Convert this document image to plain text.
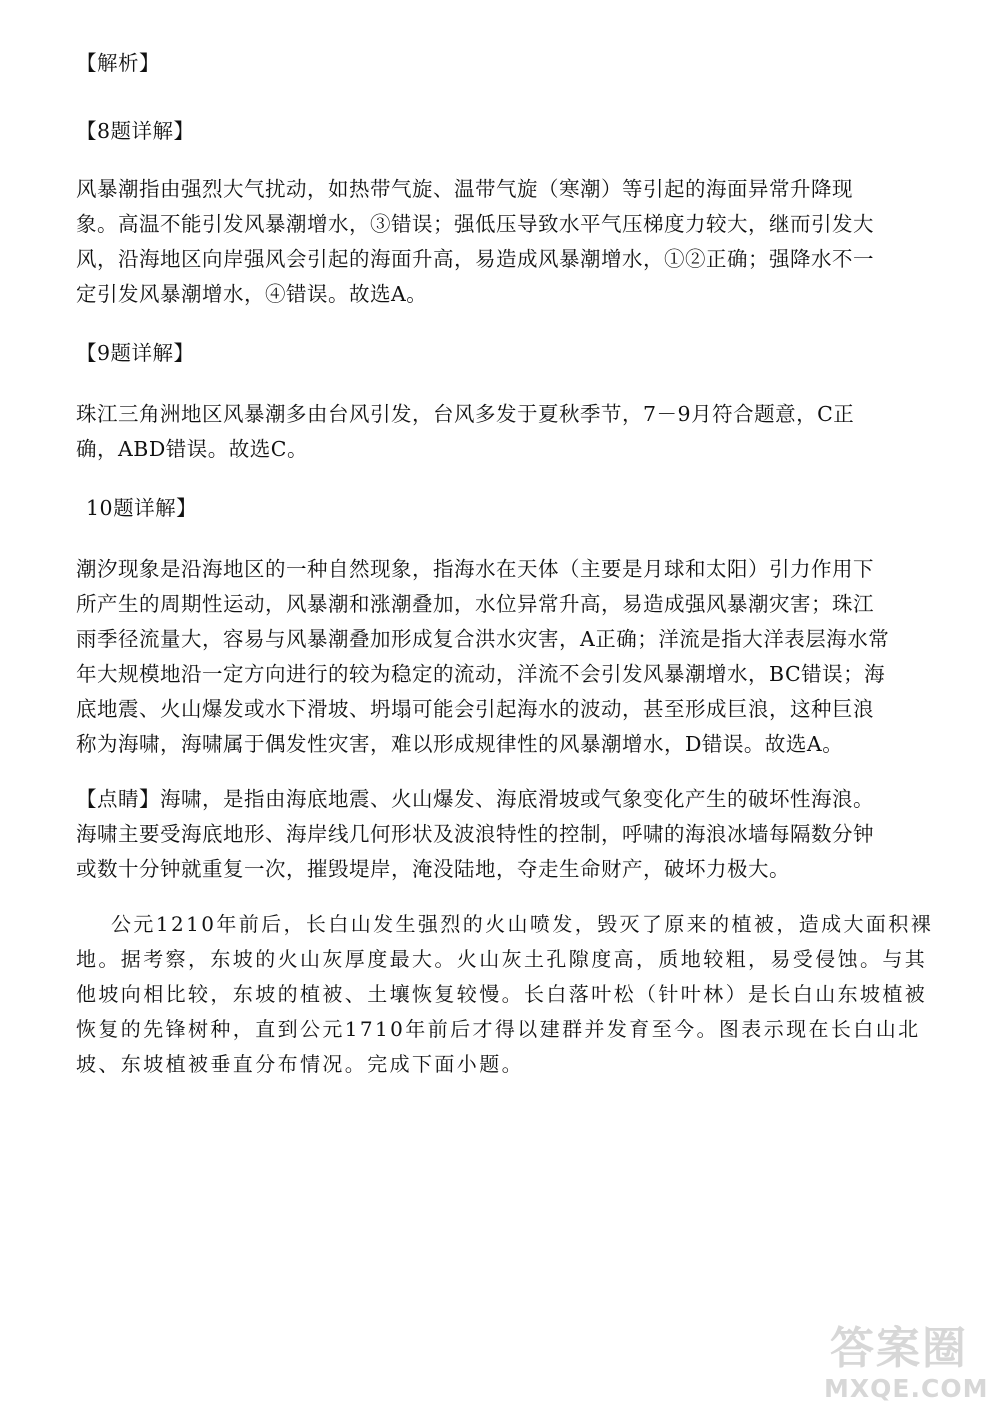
【解析】
【8题详解】
风暴潮指由强烈大气扰动，如热带气旋、温带气旋（寒潮）等引起的海面异常升降现
象。高温不能引发风暴潮增水，③错误；强低压导致水平气压梯度力较大，继而引发大
风，沿海地区向岸强风会引起的海面升高，易造成风暴潮增水，①②正确；强降水不一
定引发风暴潮增水，④错误。故选A。
【9题详解】
珠江三角洲地区风暴潮多由台风引发，台风多发于夏秋季节，7－9月符合题意，C正
确，ABD错误。故选C。
10题详解】
潮汐现象是沿海地区的一种自然现象，指海水在天体（主要是月球和太阳）引力作用下
所产生的周期性运动，风暴潮和涨潮叠加，水位异常升高，易造成强风暴潮灾害；珠江
雨季径流量大，容易与风暴潮叠加形成复合洪水灾害，A正确；洋流是指大洋表层海水常
年大规模地沿一定方向进行的较为稳定的流动，洋流不会引发风暴潮增水，BC错误；海
底地震、火山爆发或水下滑坡、坍塌可能会引起海水的波动，甚至形成巨浪，这种巨浪
称为海啸，海啸属于偶发性灾害，难以形成规律性的风暴潮增水，D错误。故选A。
【点睛】海啸，是指由海底地震、火山爆发、海底滑坡或气象变化产生的破坏性海浪。
海啸主要受海底地形、海岸线几何形状及波浪特性的控制，呼啸的海浪冰墙每隔数分钟
或数十分钟就重复一次，摧毁堤岸，淹没陆地，夺走生命财产，破坏力极大。
公元1210年前后，长白山发生强烈的火山喷发，毁灭了原来的植被，造成大面积裸
地。据考察，东坡的火山灰厚度最大。火山灰土孔隙度高，质地较粗，易受侵蚀。与其
他坡向相比较，东坡的植被、土壤恢复较慢。长白落叶松（针叶林）是长白山东坡植被
恢复的先锋树种，直到公元1710年前后才得以建群并发育至今。图表示现在长白山北
坡、东坡植被垂直分布情况。完成下面小题。
答案圈
MXQE.COM
